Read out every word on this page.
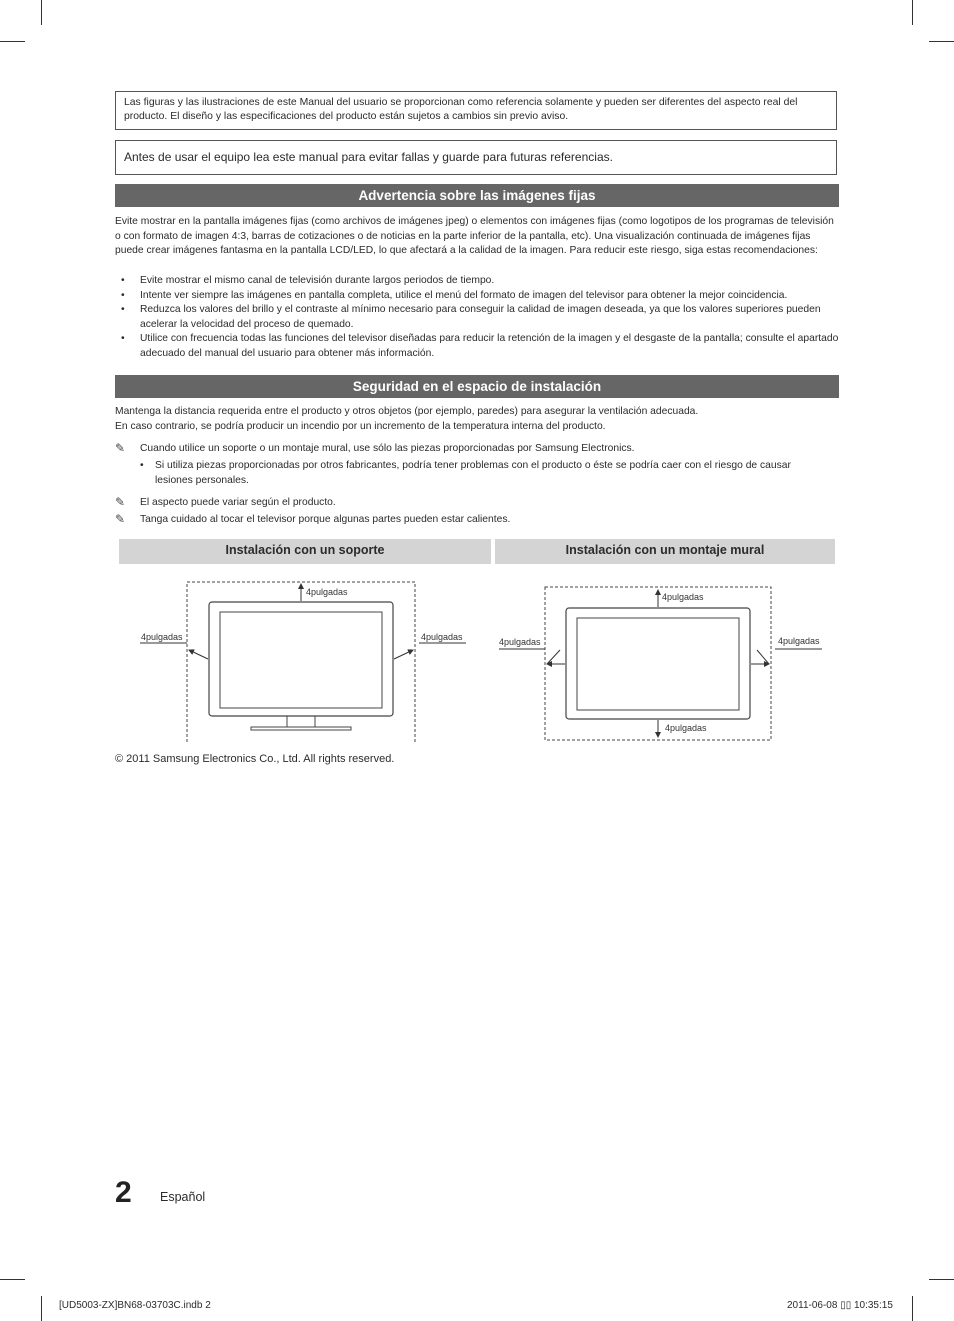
Las figuras y las ilustraciones de este Manual del usuario se proporcionan como referencia solamente y pueden ser diferentes del aspecto real del producto. El diseño y las especificaciones del producto están sujetos a cambios sin previo aviso.
Antes de usar el equipo lea este manual para evitar fallas y guarde para futuras referencias.
Advertencia sobre las imágenes fijas

Evite mostrar en la pantalla imágenes fijas (como archivos de imágenes jpeg) o elementos con imágenes fijas (como logotipos de los programas de televisión o con formato de imagen 4:3, barras de cotizaciones o de noticias en la parte inferior de la pantalla, etc). Una visualización continuada de imágenes fijas puede crear imágenes fantasma en la pantalla LCD/LED, lo que afectará a la calidad de la imagen. Para reducir este riesgo, siga estas recomendaciones:

• Evite mostrar el mismo canal de televisión durante largos periodos de tiempo.
• Intente ver siempre las imágenes en pantalla completa, utilice el menú del formato de imagen del televisor para obtener la mejor coincidencia.
• Reduzca los valores del brillo y el contraste al mínimo necesario para conseguir la calidad de imagen deseada, ya que los valores superiores pueden acelerar la velocidad del proceso de quemado.
• Utilice con frecuencia todas las funciones del televisor diseñadas para reducir la retención de la imagen y el desgaste de la pantalla; consulte el apartado adecuado del manual del usuario para obtener más información.
Seguridad en el espacio de instalación

Mantenga la distancia requerida entre el producto y otros objetos (por ejemplo, paredes) para asegurar la ventilación adecuada.

En caso contrario, se podría producir un incendio por un incremento de la temperatura interna del producto.

✎	Cuando utilice un soporte o un montaje mural, use sólo las piezas proporcionadas por Samsung Electronics.
•	Si utiliza piezas proporcionadas por otros fabricantes, podría tener problemas con el producto o éste se podría caer con el riesgo de causar lesiones personales.
✎	El aspecto puede variar según el producto.
✎	Tanga cuidado al tocar el televisor porque algunas partes pueden estar calientes.
Instalación con un soporte	Instalación con un montaje mural
4pulgadas
4pulgadas	4pulgadas
4pulgadas
4pulgadas
4pulgadas	4pulgadas
© 2011 Samsung Electronics Co., Ltd. All rights reserved.
2 Español
[UD5003-ZX]BN68-03703C.indb 2	2011-06-08 ▯▯ 10:35:15
